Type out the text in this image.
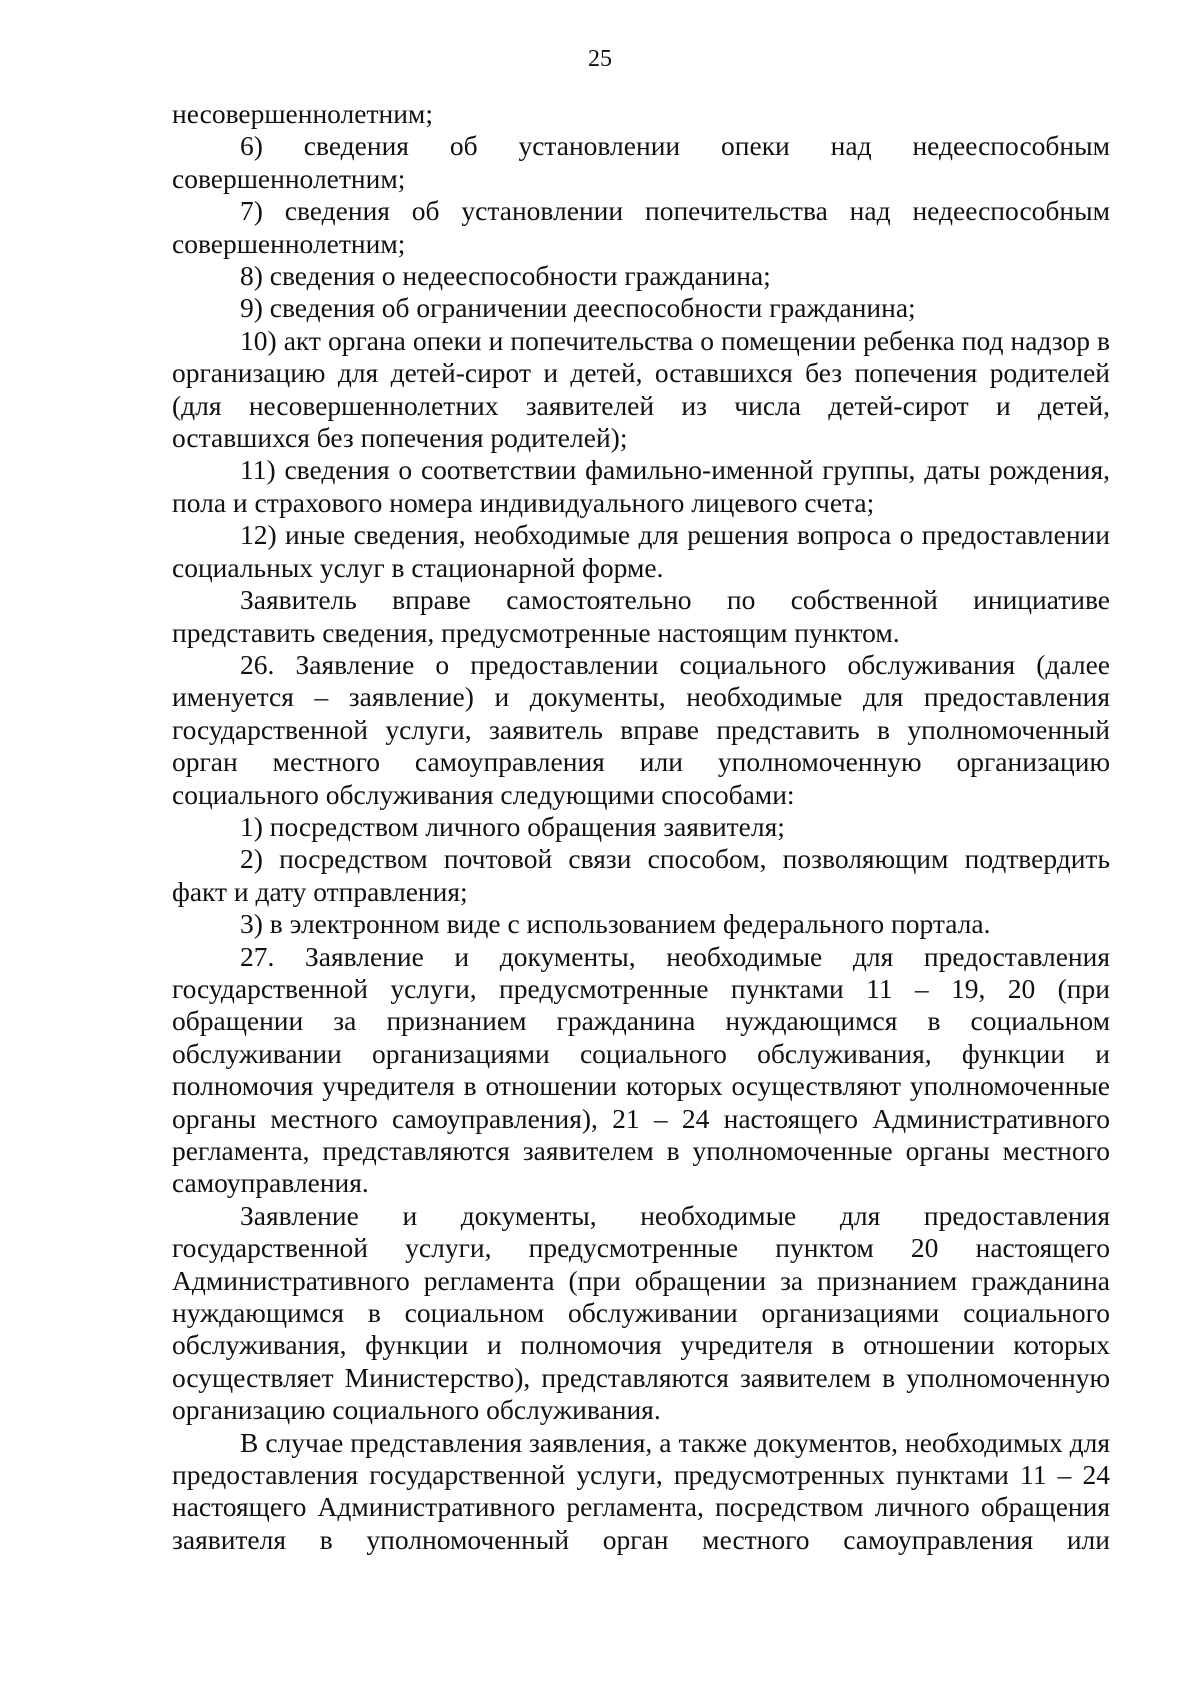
25

несовершеннолетним;

6) сведения об установлении опеки над недееспособным совершеннолетним;

7) сведения об установлении попечительства над недееспособным совершеннолетним;

8) сведения о недееспособности гражданина;

9) сведения об ограничении дееспособности гражданина;

10) акт органа опеки и попечительства о помещении ребенка под надзор в организацию для детей-сирот и детей, оставшихся без попечения родителей (для несовершеннолетних заявителей из числа детей-сирот и детей, оставшихся без попечения родителей);

11) сведения о соответствии фамильно-именной группы, даты рождения, пола и страхового номера индивидуального лицевого счета;

12) иные сведения, необходимые для решения вопроса о предоставлении социальных услуг в стационарной форме.

Заявитель вправе самостоятельно по собственной инициативе представить сведения, предусмотренные настоящим пунктом.

26. Заявление о предоставлении социального обслуживания (далее именуется – заявление) и документы, необходимые для предоставления государственной услуги, заявитель вправе представить в уполномоченный орган местного самоуправления или уполномоченную организацию социального обслуживания следующими способами:

1) посредством личного обращения заявителя;

2) посредством почтовой связи способом, позволяющим подтвердить факт и дату отправления;

3) в электронном виде с использованием федерального портала.

27. Заявление и документы, необходимые для предоставления государственной услуги, предусмотренные пунктами 11 – 19, 20 (при обращении за признанием гражданина нуждающимся в социальном обслуживании организациями социального обслуживания, функции и полномочия учредителя в отношении которых осуществляют уполномоченные органы местного самоуправления), 21 – 24 настоящего Административного регламента, представляются заявителем в уполномоченные органы местного самоуправления.

Заявление и документы, необходимые для предоставления государственной услуги, предусмотренные пунктом 20 настоящего Административного регламента (при обращении за признанием гражданина нуждающимся в социальном обслуживании организациями социального обслуживания, функции и полномочия учредителя в отношении которых осуществляет Министерство), представляются заявителем в уполномоченную организацию социального обслуживания.

В случае представления заявления, а также документов, необходимых для предоставления государственной услуги, предусмотренных пунктами 11 – 24 настоящего Административного регламента, посредством личного обращения заявителя в уполномоченный орган местного самоуправления или
